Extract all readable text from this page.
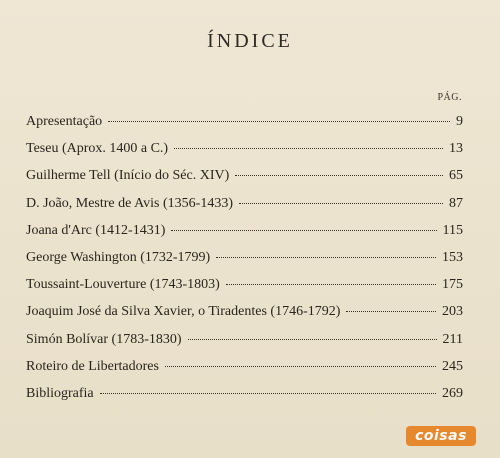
ÍNDICE
PÁG.
Apresentação	9
Teseu (Aprox. 1400 a C.)	13
Guilherme Tell (Início do Séc. XIV)	65
D. João, Mestre de Avis (1356-1433)	87
Joana d'Arc (1412-1431)	115
George Washington (1732-1799)	153
Toussaint-Louverture (1743-1803)	175
Joaquim José da Silva Xavier, o Tiradentes (1746-1792)	203
Simón Bolívar (1783-1830)	211
Roteiro de Libertadores	245
Bibliografia	269
coisas
